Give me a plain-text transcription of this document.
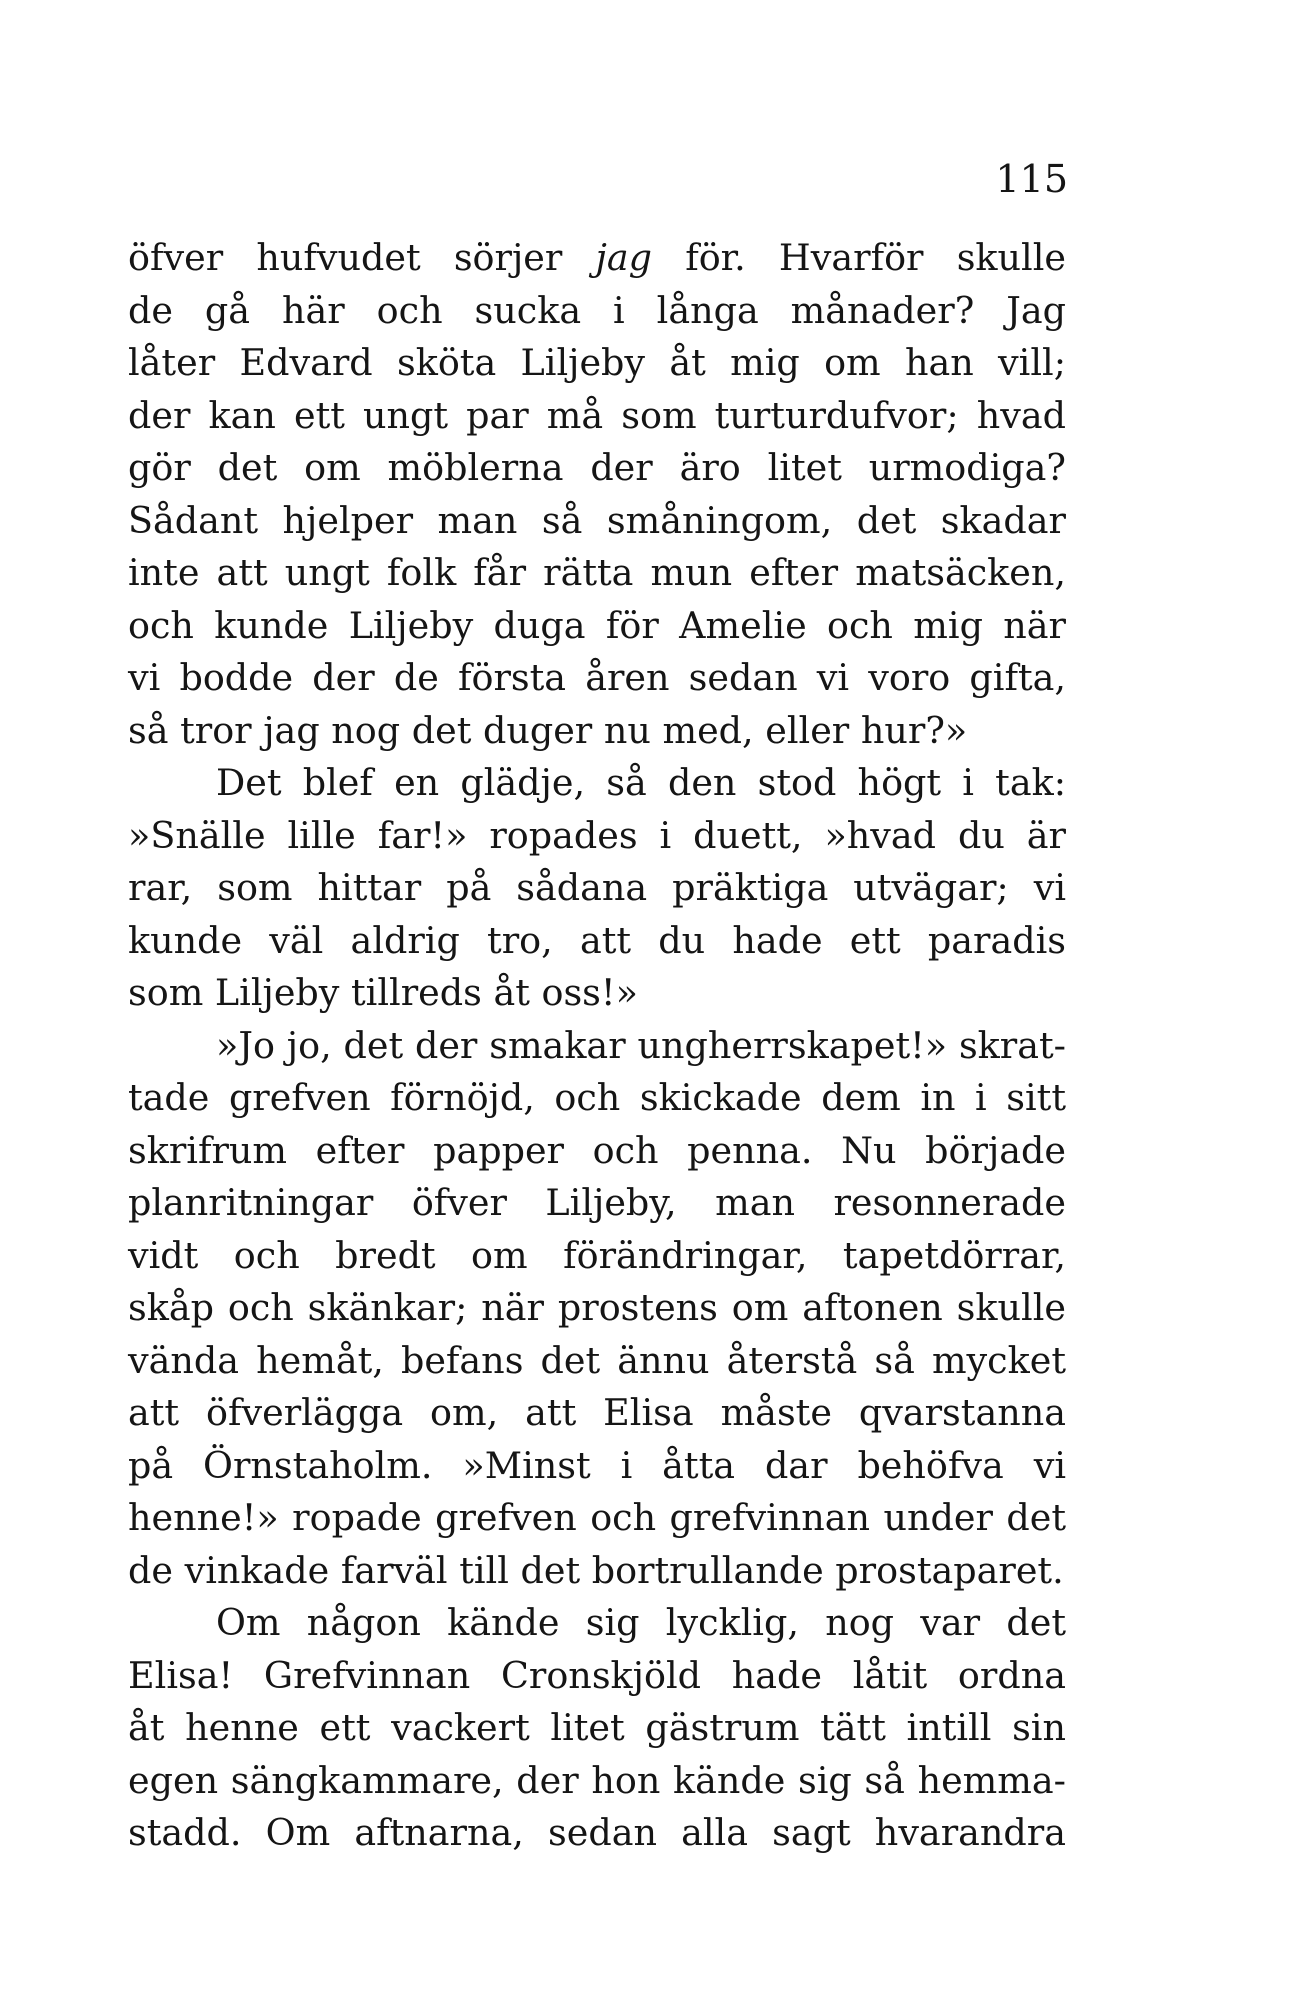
115
öfver hufvudet sörjer jag för. Hvarför skulle
de gå här och sucka i långa månader? Jag
låter Edvard sköta Liljeby åt mig om han vill;
der kan ett ungt par må som turturdufvor; hvad
gör det om möblerna der äro litet urmodiga?
Sådant hjelper man så småningom, det skadar
inte att ungt folk får rätta mun efter matsäcken,
och kunde Liljeby duga för Amelie och mig när
vi bodde der de första åren sedan vi voro gifta,
så tror jag nog det duger nu med, eller hur?»
Det blef en glädje, så den stod högt i tak:
»Snälle lille far!» ropades i duett, »hvad du är
rar, som hittar på sådana präktiga utvägar; vi
kunde väl aldrig tro, att du hade ett paradis
som Liljeby tillreds åt oss!»
»Jo jo, det der smakar ungherrskapet!» skrat-
tade grefven förnöjd, och skickade dem in i sitt
skrifrum efter papper och penna. Nu började
planritningar öfver Liljeby, man resonnerade
vidt och bredt om förändringar, tapetdörrar,
skåp och skänkar; när prostens om aftonen skulle
vända hemåt, befans det ännu återstå så mycket
att öfverlägga om, att Elisa måste qvarstanna
på Örnstaholm. »Minst i åtta dar behöfva vi
henne!» ropade grefven och grefvinnan under det
de vinkade farväl till det bortrullande prostaparet.
Om någon kände sig lycklig, nog var det
Elisa! Grefvinnan Cronskjöld hade låtit ordna
åt henne ett vackert litet gästrum tätt intill sin
egen sängkammare, der hon kände sig så hemma-
stadd. Om aftnarna, sedan alla sagt hvarandra
